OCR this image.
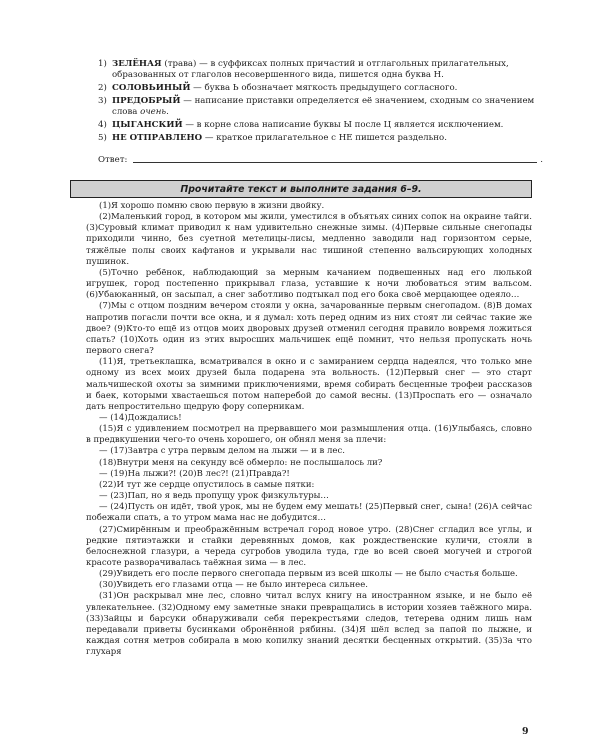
1) ЗЕЛЁНАЯ (трава) — в суффиксах полных причастий и отглагольных прилагательных, образованных от глаголов несовершенного вида, пишется одна буква Н.
2) СОЛОВЬИНЫЙ — буква Ь обозначает мягкость предыдущего согласного.
3) ПРЕДОБРЫЙ — написание приставки определяется её значением, сходным со значением слова очень.
4) ЦЫГАНСКИЙ — в корне слова написание буквы Ы после Ц является исключением.
5) НЕ ОТПРАВЛЕНО — краткое прилагательное с НЕ пишется раздельно.
Ответ:	.
Прочитайте текст и выполните задания 6–9.

(1)Я хорошо помню свою первую в жизни двойку.

(2)Маленький город, в котором мы жили, уместился в объятьях синих сопок на окраине тайги. (3)Суровый климат приводил к нам удивительно снежные зимы. (4)Первые сильные снегопады приходили чинно, без суетной метелицы-лисы, медленно заводили над горизонтом серые, тяжёлые полы своих кафтанов и укрывали нас тишиной степенно вальсирующих холодных пушинок.

(5)Точно ребёнок, наблюдающий за мерным качанием подвешенных над его люлькой игрушек, город постепенно прикрывал глаза, уставшие к ночи любоваться этим вальсом. (6)Убаюканный, он засыпал, а снег заботливо подтыкал под его бока своё мерцающее одеяло…

(7)Мы с отцом поздним вечером стояли у окна, зачарованные первым снегопадом. (8)В домах напротив погасли почти все окна, и я думал: хоть перед одним из них стоят ли сейчас такие же двое? (9)Кто-то ещё из отцов моих дворовых друзей отменил сегодня правило вовремя ложиться спать? (10)Хоть один из этих выросших мальчишек ещё помнит, что нельзя пропускать ночь первого снега?

(11)Я, третьеклашка, всматривался в окно и с замиранием сердца надеялся, что только мне одному из всех моих друзей была подарена эта вольность. (12)Первый снег — это старт мальчишеской охоты за зимними приключениями, время собирать бесценные трофеи рассказов и баек, которыми хвастаешься потом наперебой до самой весны. (13)Проспать его — означало дать непростительно щедрую фору соперникам.

— (14)Дождались!

(15)Я с удивлением посмотрел на прервавшего мои размышления отца. (16)Улыбаясь, словно в предвкушении чего-то очень хорошего, он обнял меня за плечи:

— (17)Завтра с утра первым делом на лыжи — и в лес.

(18)Внутри меня на секунду всё обмерло: не послышалось ли?

— (19)На лыжи?! (20)В лес?! (21)Правда?!

(22)И тут же сердце опустилось в самые пятки:

— (23)Пап, но я ведь пропущу урок физкультуры…

— (24)Пусть он идёт, твой урок, мы не будем ему мешать! (25)Первый снег, сына! (26)А сейчас побежали спать, а то утром мама нас не добудится…

(27)Смирённым и преображённым встречал город новое утро. (28)Снег сгладил все углы, и редкие пятиэтажки и стайки деревянных домов, как рождественские куличи, стояли в белоснежной глазури, а череда сугробов уводила туда, где во всей своей могучей и строгой красоте разворачивалась таёжная зима — в лес.

(29)Увидеть его после первого снегопада первым из всей школы — не было счастья больше.

(30)Увидеть его глазами отца — не было интереса сильнее.

(31)Он раскрывал мне лес, словно читал вслух книгу на иностранном языке, и не было её увлекательнее. (32)Одному ему заметные знаки превращались в истории хозяев таёжного мира. (33)Зайцы и барсуки обнаруживали себя перекрестьями следов, тетерева одним лишь нам передавали приветы бусинками обронённой рябины. (34)Я шёл вслед за папой по лыжне, и каждая сотня метров собирала в мою копилку знаний десятки бесценных открытий. (35)За что глухаря

9
